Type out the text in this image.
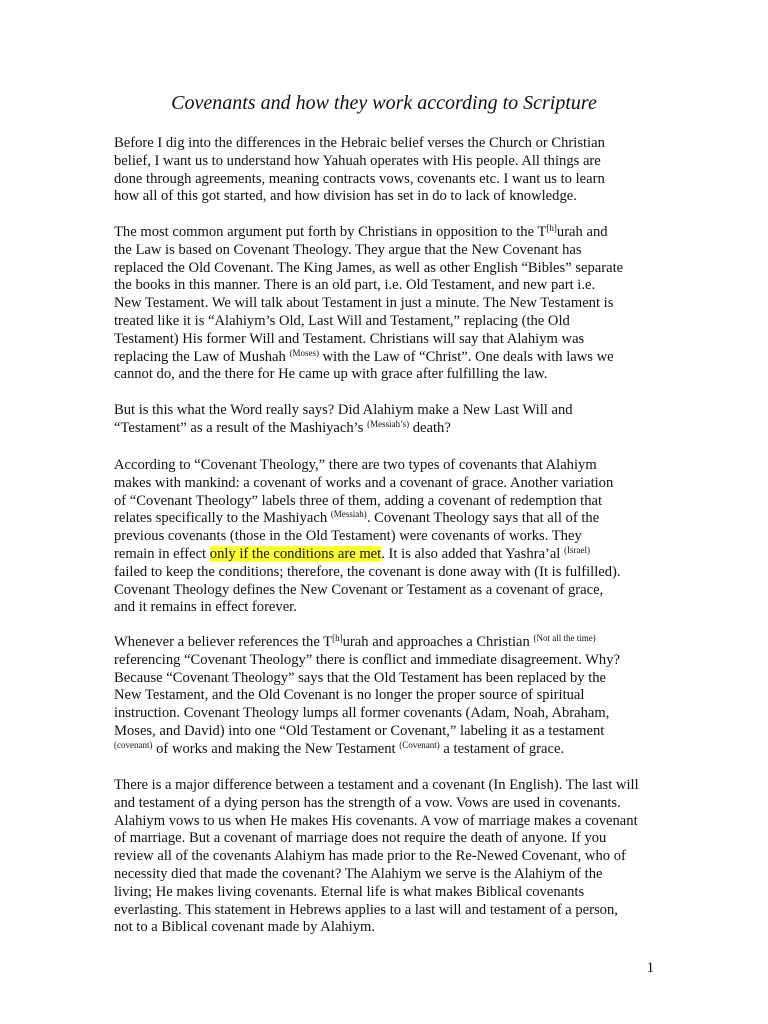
Covenants and how they work according to Scripture
Before I dig into the differences in the Hebraic belief verses the Church or Christian
belief, I want us to understand how Yahuah operates with His people. All things are
done through agreements, meaning contracts vows, covenants etc. I want us to learn
how all of this got started, and how division has set in do to lack of knowledge.
The most common argument put forth by Christians in opposition to the T[h]urah and
the Law is based on Covenant Theology. They argue that the New Covenant has
replaced the Old Covenant. The King James, as well as other English “Bibles” separate
the books in this manner. There is an old part, i.e. Old Testament, and new part i.e.
New Testament. We will talk about Testament in just a minute. The New Testament is
treated like it is “Alahiym’s Old, Last Will and Testament,” replacing (the Old
Testament) His former Will and Testament. Christians will say that Alahiym was
replacing the Law of Mushah $^{(Moses)}$ with the Law of “Christ”. One deals with laws we
cannot do, and the there for He came up with grace after fulfilling the law.
But is this what the Word really says? Did Alahiym make a New Last Will and
“Testament” as a result of the Mashiyach’s $^{(Messiah’s)}$ death?
According to “Covenant Theology,” there are two types of covenants that Alahiym
makes with mankind: a covenant of works and a covenant of grace. Another variation
of “Covenant Theology” labels three of them, adding a covenant of redemption that
relates specifically to the Mashiyach $^{(Messiah)}$. Covenant Theology says that all of the
previous covenants (those in the Old Testament) were covenants of works. They
remain in effect only if the conditions are met. It is also added that Yashra’al $^{(Israel)}$
failed to keep the conditions; therefore, the covenant is done away with (It is fulfilled).
Covenant Theology defines the New Covenant or Testament as a covenant of grace,
and it remains in effect forever.
Whenever a believer references the T[h]urah and approaches a Christian $^{(Not all the time)}$
referencing “Covenant Theology” there is conflict and immediate disagreement. Why?
Because “Covenant Theology” says that the Old Testament has been replaced by the
New Testament, and the Old Covenant is no longer the proper source of spiritual
instruction. Covenant Theology lumps all former covenants (Adam, Noah, Abraham,
Moses, and David) into one “Old Testament or Covenant,” labeling it as a testament
$^{(covenant)}$ of works and making the New Testament $^{(Covenant)}$ a testament of grace.
There is a major difference between a testament and a covenant (In English). The last will
and testament of a dying person has the strength of a vow. Vows are used in covenants.
Alahiym vows to us when He makes His covenants. A vow of marriage makes a covenant
of marriage. But a covenant of marriage does not require the death of anyone. If you
review all of the covenants Alahiym has made prior to the Re-Newed Covenant, who of
necessity died that made the covenant? The Alahiym we serve is the Alahiym of the
living; He makes living covenants. Eternal life is what makes Biblical covenants
everlasting. This statement in Hebrews applies to a last will and testament of a person,
not to a Biblical covenant made by Alahiym.
1
